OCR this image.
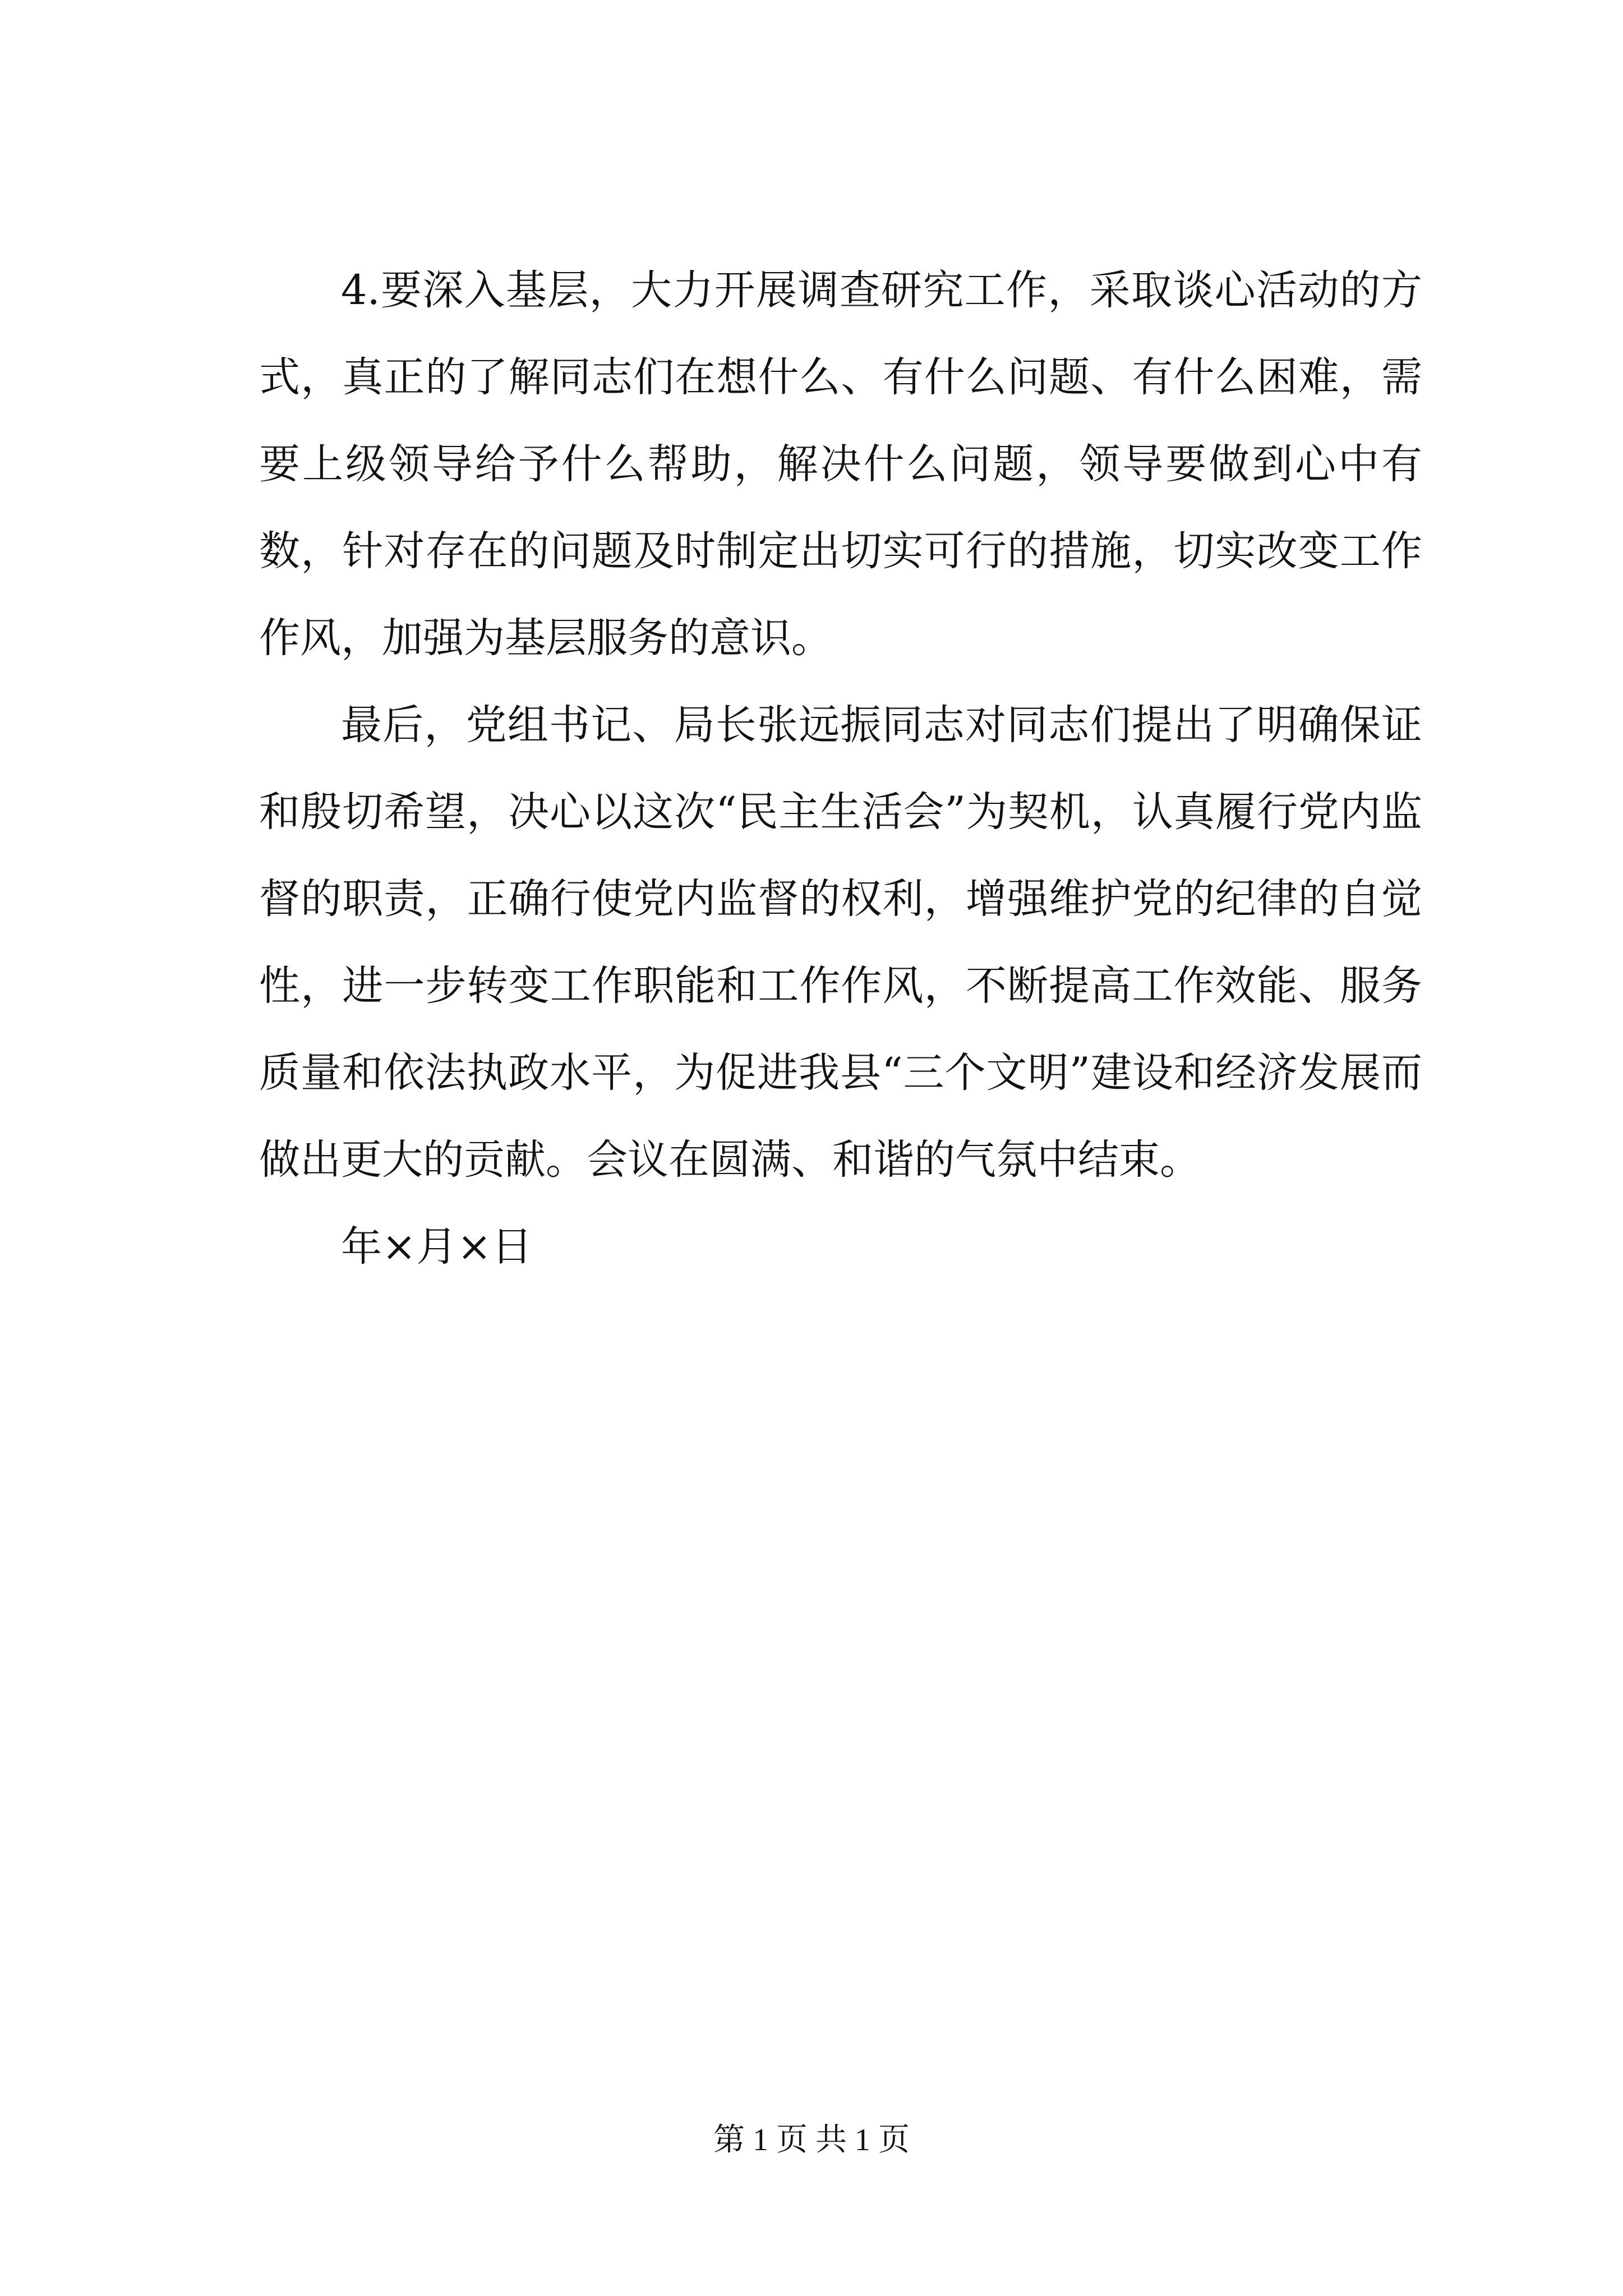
4.要深入基层，大力开展调查研究工作，采取谈心活动的方式，真正的了解同志们在想什么、有什么问题、有什么困难，需要上级领导给予什么帮助，解决什么问题，领导要做到心中有数，针对存在的问题及时制定出切实可行的措施，切实改变工作作风，加强为基层服务的意识。

最后，党组书记、局长张远振同志对同志们提出了明确保证和殷切希望，决心以这次“民主生活会”为契机，认真履行党内监督的职责，正确行使党内监督的权利，增强维护党的纪律的自觉性，进一步转变工作职能和工作作风，不断提高工作效能、服务质量和依法执政水平，为促进我县“三个文明”建设和经济发展而做出更大的贡献。会议在圆满、和谐的气氛中结束。

年×月×日

第 1 页 共 1 页
